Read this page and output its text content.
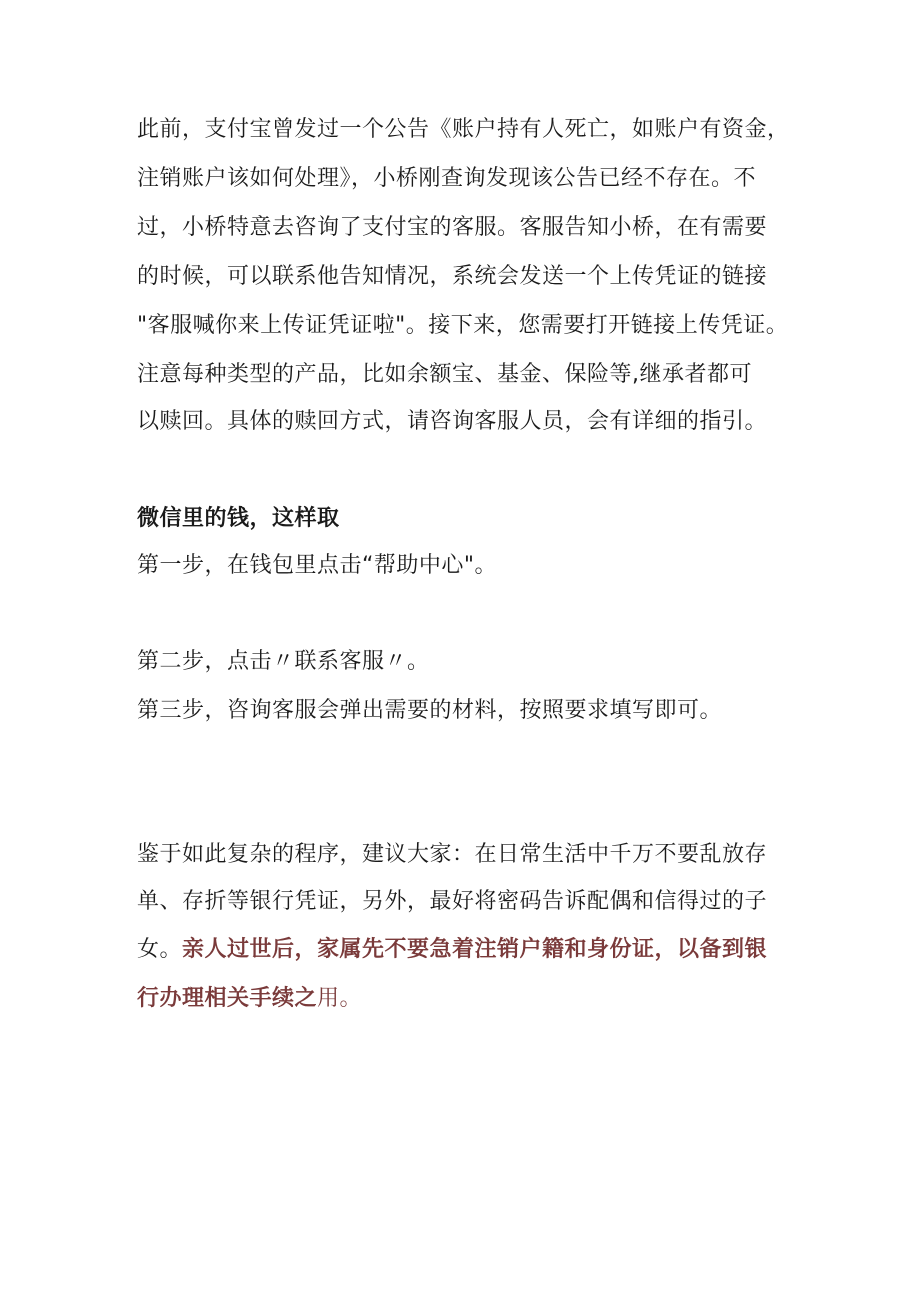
此前，支付宝曾发过一个公告《账户持有人死亡，如账户有资金，
注销账户该如何处理》，小桥刚查询发现该公告已经不存在。不
过，小桥特意去咨询了支付宝的客服。客服告知小桥，在有需要
的时候，可以联系他告知情况，系统会发送一个上传凭证的链接
"客服喊你来上传证凭证啦"。接下来，您需要打开链接上传凭证。
注意每种类型的产品，比如余额宝、基金、保险等,继承者都可
以赎回。具体的赎回方式，请咨询客服人员，会有详细的指引。
微信里的钱，这样取
第一步，在钱包里点击“帮助中心"。
第二步，点击〃联系客服〃。
第三步，咨询客服会弹出需要的材料，按照要求填写即可。
鉴于如此复杂的程序，建议大家：在日常生活中千万不要乱放存
单、存折等银行凭证，另外，最好将密码告诉配偶和信得过的子
女。亲人过世后，家属先不要急着注销户籍和身份证，以备到银
行办理相关手续之用。
